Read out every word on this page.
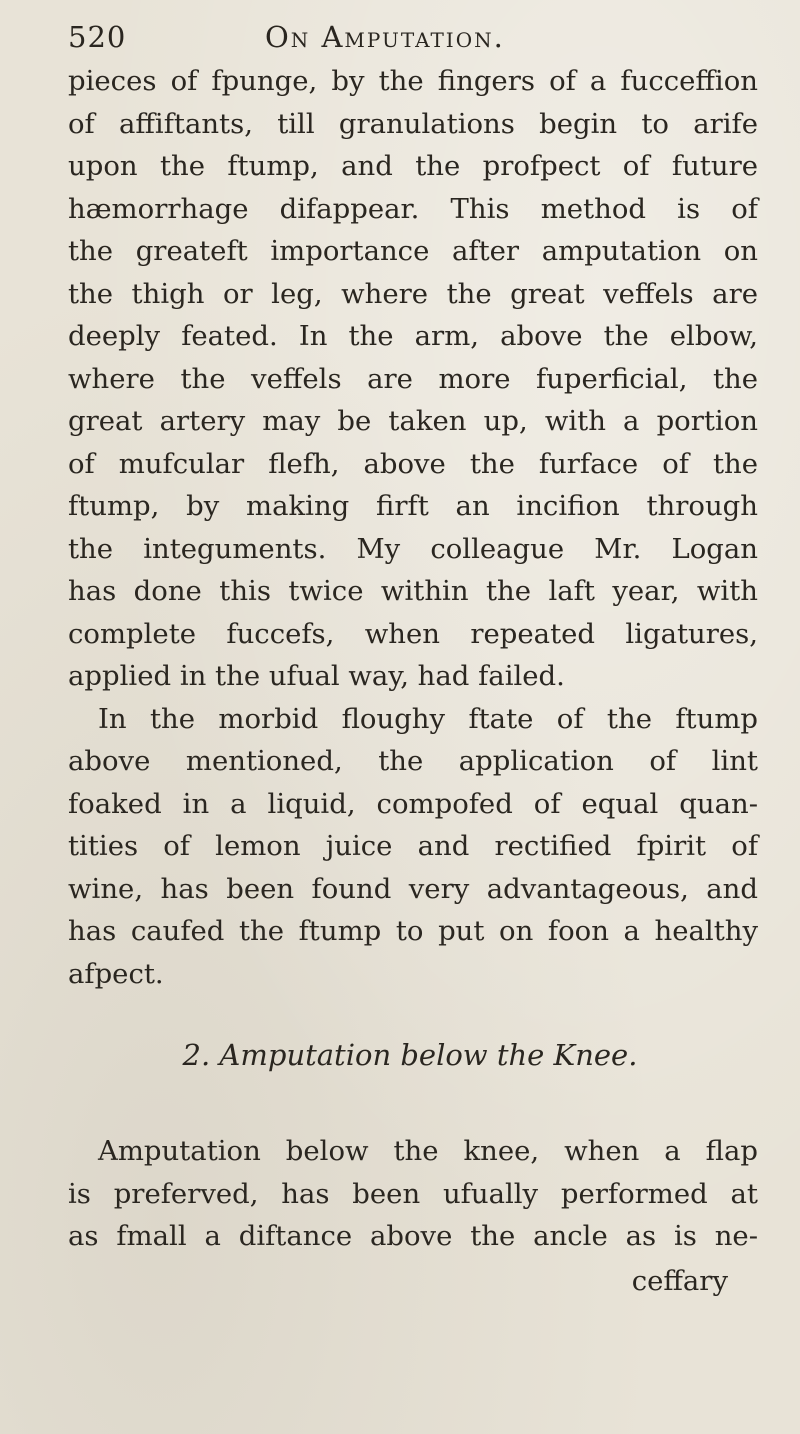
520	On Amputation.
pieces of fpunge, by the fingers of a fucceffion
of affiftants, till granulations begin to arife
upon the ftump, and the profpect of future
hæmorrhage difappear. This method is of
the greateft importance after amputation on
the thigh or leg, where the great veffels are
deeply feated. In the arm, above the elbow,
where the veffels are more fuperficial, the
great artery may be taken up, with a portion
of mufcular flefh, above the furface of the
ftump, by making firft an incifion through
the integuments. My colleague Mr. Logan
has done this twice within the laft year, with
complete fuccefs, when repeated ligatures,
applied in the ufual way, had failed.
In the morbid floughy ftate of the ftump
above mentioned, the application of lint
foaked in a liquid, compofed of equal quan-
tities of lemon juice and rectified fpirit of
wine, has been found very advantageous, and
has caufed the ftump to put on foon a healthy
afpect.
2. Amputation below the Knee.
Amputation below the knee, when a flap
is preferved, has been ufually performed at
as fmall a diftance above the ancle as is ne-
ceffary
